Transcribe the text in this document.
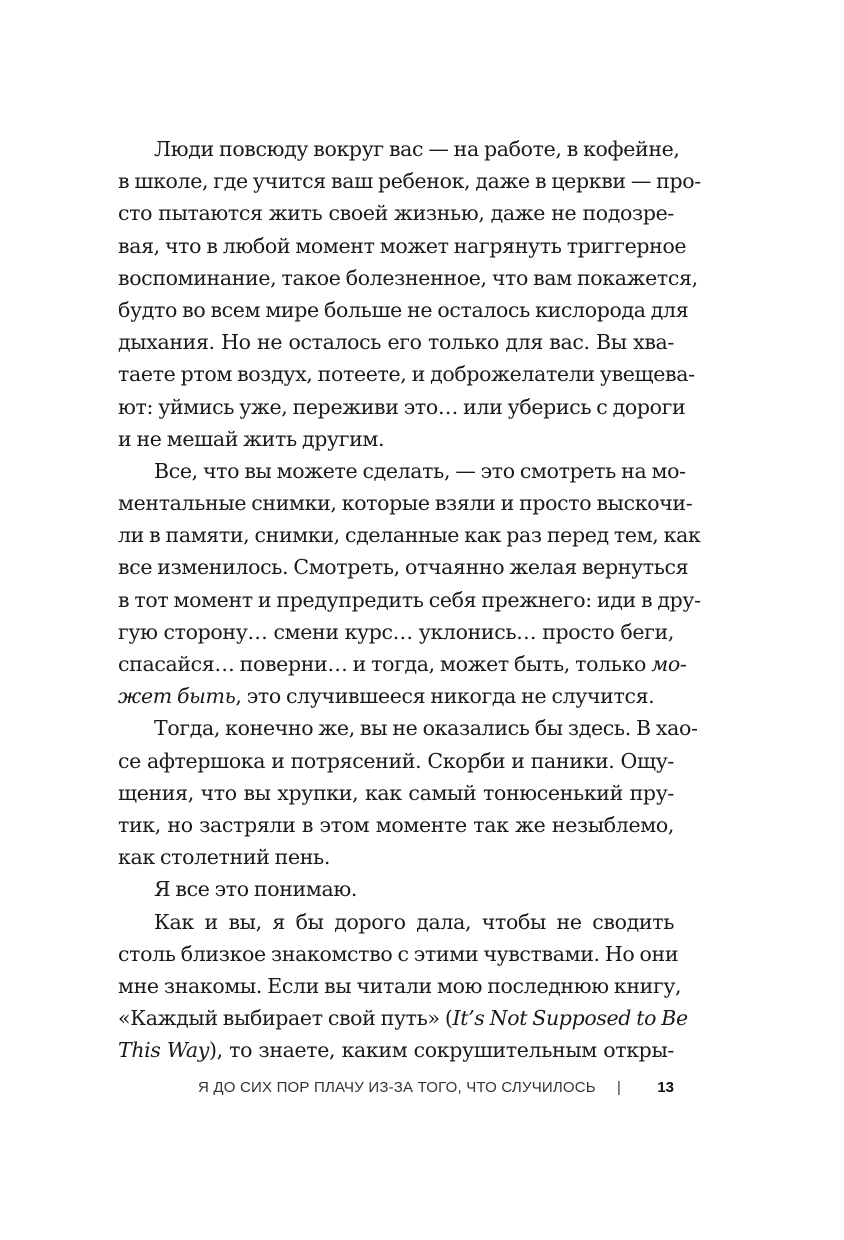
Люди повсюду вокруг вас — на работе, в кофейне,
в школе, где учится ваш ребенок, даже в церкви — про-
сто пытаются жить своей жизнью, даже не подозре-
вая, что в любой момент может нагрянуть триггерное
воспоминание, такое болезненное, что вам покажется,
будто во всем мире больше не осталось кислорода для
дыхания. Но не осталось его только для вас. Вы хва-
таете ртом воздух, потеете, и доброжелатели увещева-
ют: уймись уже, переживи это… или уберись с дороги
и не мешай жить другим.
Все, что вы можете сделать, — это смотреть на мо-
ментальные снимки, которые взяли и просто выскочи-
ли в памяти, снимки, сделанные как раз перед тем, как
все изменилось. Смотреть, отчаянно желая вернуться
в тот момент и предупредить себя прежнего: иди в дру-
гую сторону… смени курс… уклонись… просто беги,
спасайся… поверни… и тогда, может быть, только мо-
жет быть, это случившееся никогда не случится.
Тогда, конечно же, вы не оказались бы здесь. В хао-
се афтершока и потрясений. Скорби и паники. Ощу-
щения, что вы хрупки, как самый тонюсенький пру-
тик, но застряли в этом моменте так же незыблемо,
как столетний пень.
Я все это понимаю.
Как и вы, я бы дорого дала, чтобы не сводить
столь близкое знакомство с этими чувствами. Но они
мне знакомы. Если вы читали мою последнюю книгу,
«Каждый выбирает свой путь» (It’s Not Supposed to Be
This Way), то знаете, каким сокрушительным откры-
Я ДО СИХ ПОР ПЛАЧУ ИЗ-ЗА ТОГО, ЧТО СЛУЧИЛОСЬ | 13
